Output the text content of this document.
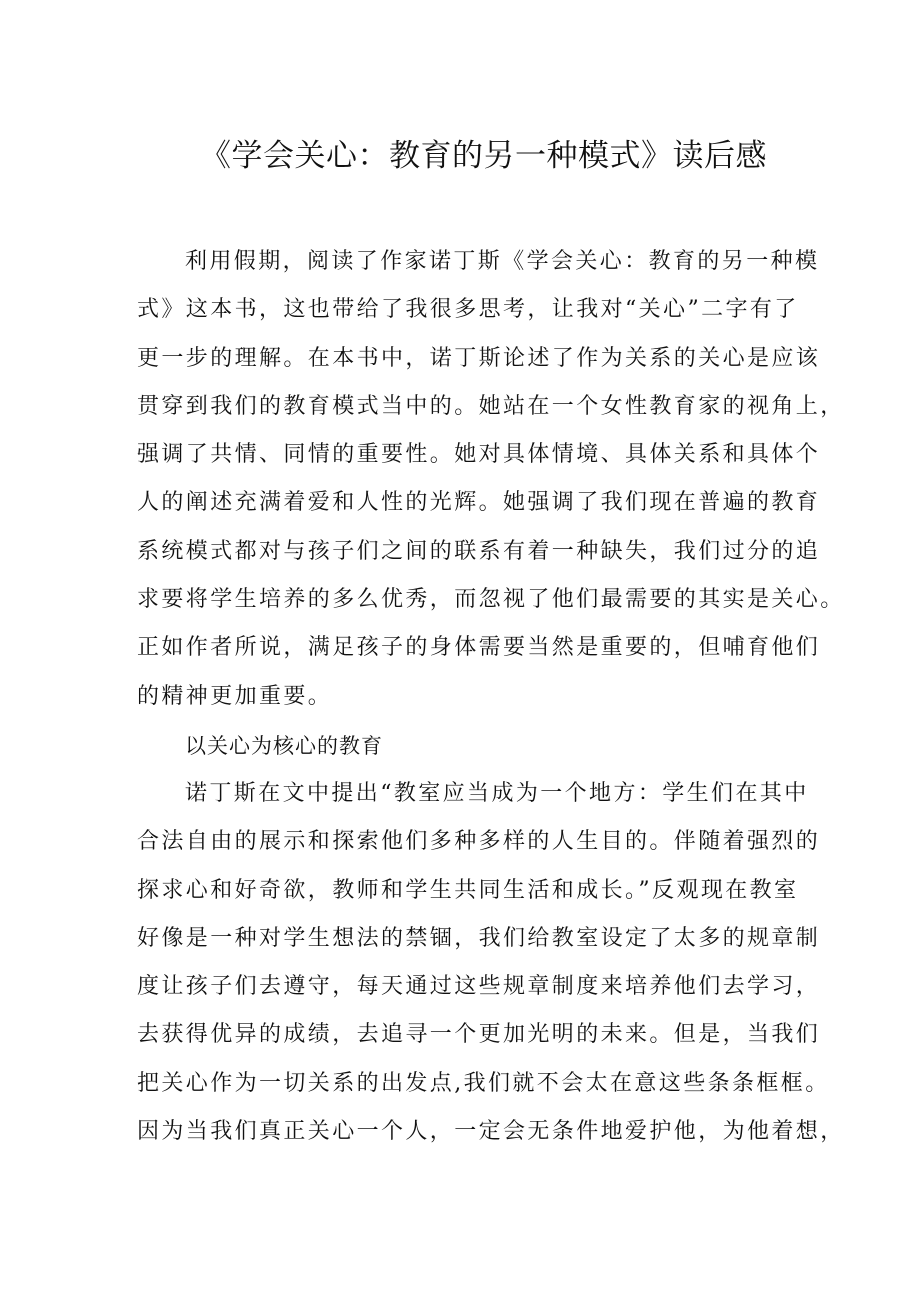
《学会关心：教育的另一种模式》读后感
利用假期，阅读了作家诺丁斯《学会关心：教育的另一种模
式》这本书，这也带给了我很多思考，让我对“关心”二字有了
更一步的理解。在本书中，诺丁斯论述了作为关系的关心是应该
贯穿到我们的教育模式当中的。她站在一个女性教育家的视角上，
强调了共情、同情的重要性。她对具体情境、具体关系和具体个
人的阐述充满着爱和人性的光辉。她强调了我们现在普遍的教育
系统模式都对与孩子们之间的联系有着一种缺失，我们过分的追
求要将学生培养的多么优秀，而忽视了他们最需要的其实是关心。
正如作者所说，满足孩子的身体需要当然是重要的，但哺育他们
的精神更加重要。
以关心为核心的教育
诺丁斯在文中提出“教室应当成为一个地方：学生们在其中
合法自由的展示和探索他们多种多样的人生目的。伴随着强烈的
探求心和好奇欲，教师和学生共同生活和成长。”反观现在教室
好像是一种对学生想法的禁锢，我们给教室设定了太多的规章制
度让孩子们去遵守，每天通过这些规章制度来培养他们去学习，
去获得优异的成绩，去追寻一个更加光明的未来。但是，当我们
把关心作为一切关系的出发点,我们就不会太在意这些条条框框。
因为当我们真正关心一个人，一定会无条件地爱护他，为他着想，
